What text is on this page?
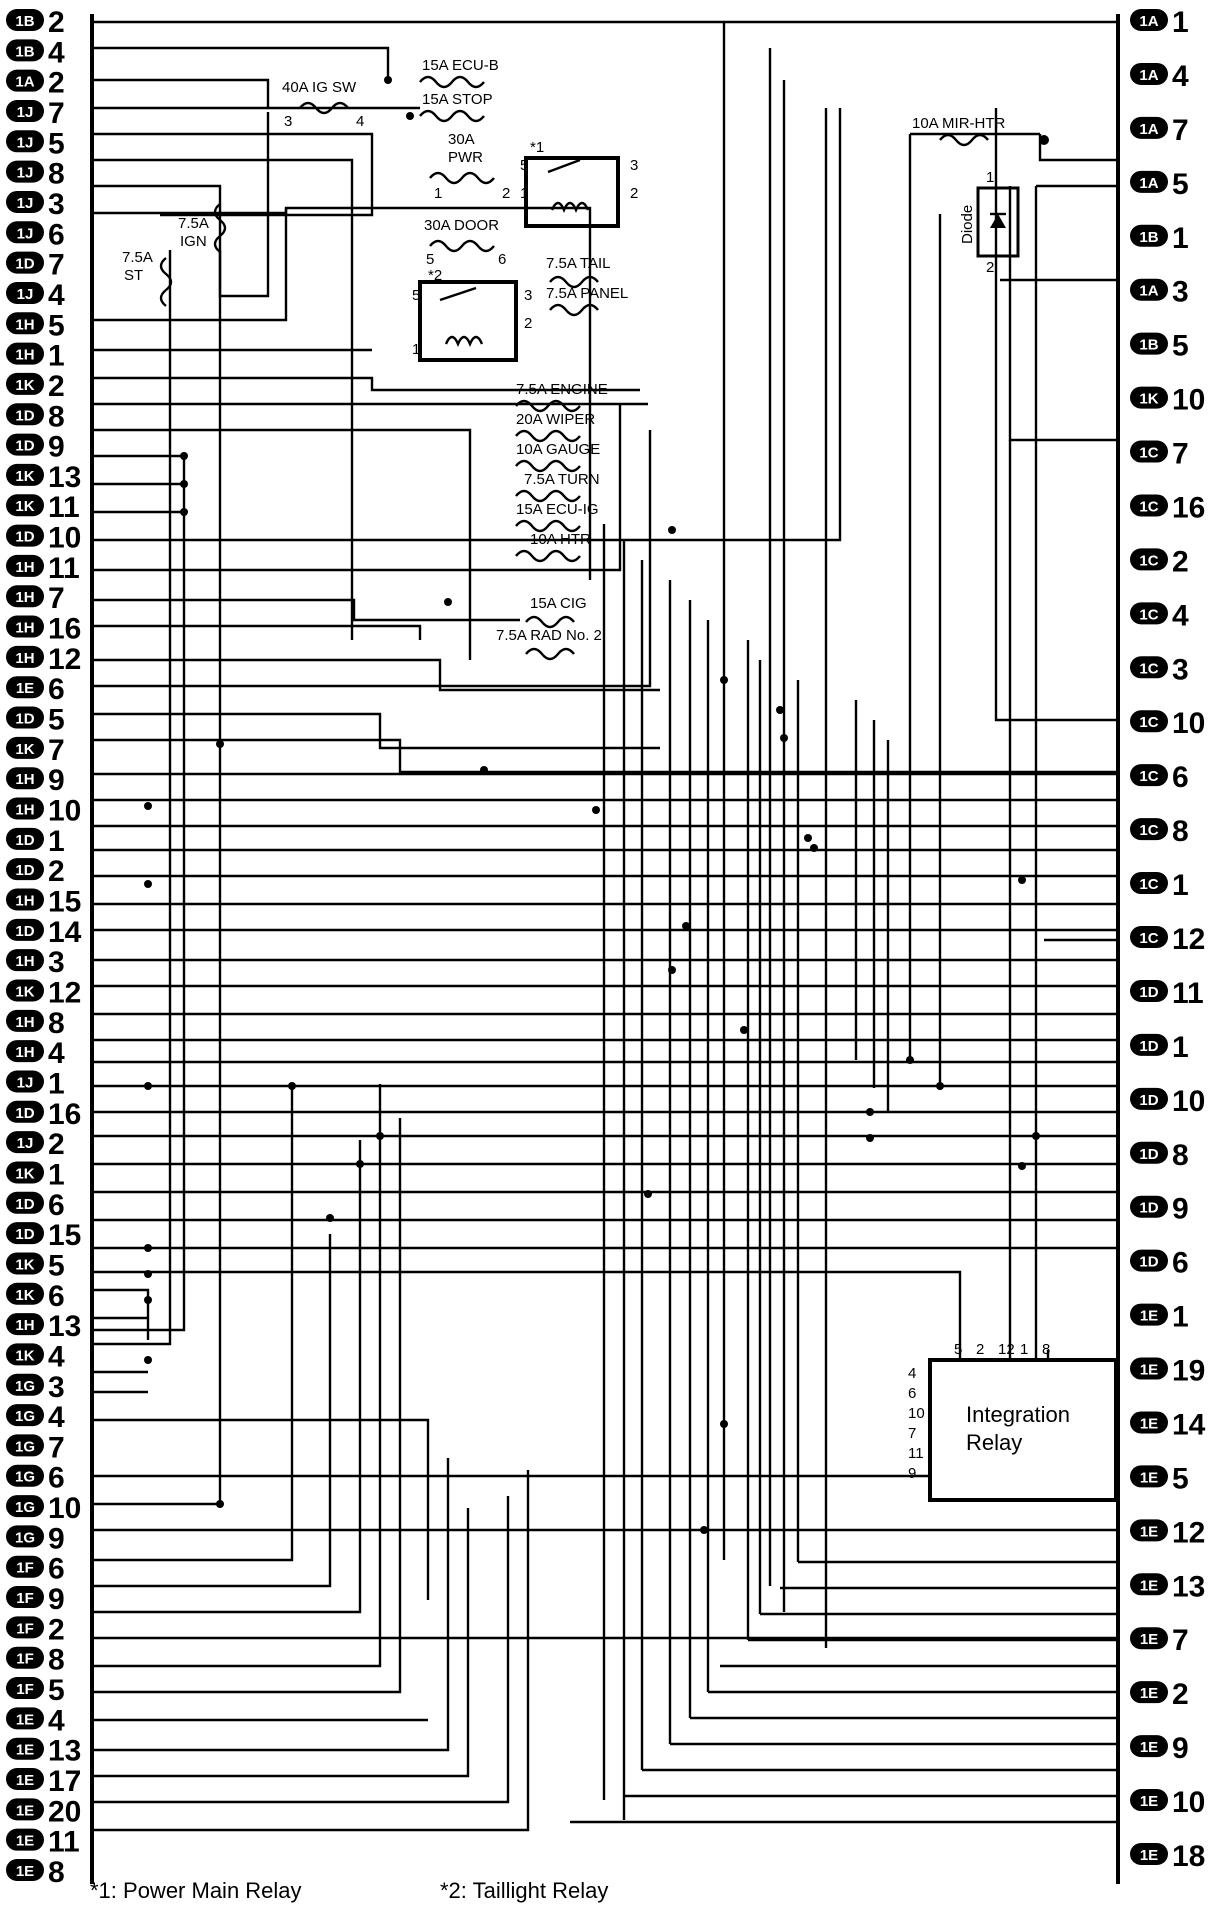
1B 2
1B 4
1A 2
1J 7
1J 5
1J 8
1J 3
1J 6
1D 7
1J 4
1H 5
1H 1
1K 2
1D 8
1D 9
1K 13
1K 11
1D 10
1H 11
1H 7
1H 16
1H 12
1E 6
1D 5
1K 7
1H 9
1H 10
1D 1
1D 2
1H 15
1D 14
1H 3
1K 12
1H 8
1H 4
1J 1
1D 16
1J 2
1K 1
1D 6
1D 15
1K 5
1K 6
1H 13
1K 4
1G 3
1G 4
1G 7
1G 6
1G 10
1G 9
1F 6
1F 9
1F 2
1F 8
1F 5
1E 4
1E 13
1E 17
1E 20
1E 11
1E 8
1A 1
1A 4
1A 7
1A 5
1B 1
1A 3
1B 5
1K 10
1C 7
1C 16
1C 2
1C 4
1C 3
1C 10
1C 6
1C 8
1C 1
1C 12
1D 11
1D 1
1D 10
1D 8
1D 9
1D 6
1E 1
1E 19
1E 14
1E 5
1E 12
1E 13
1E 7
1E 2
1E 9
1E 10
1E 18
40A IG SW
3	4
15A ECU-B
15A STOP
30A
PWR
1	2
*1
5	3
1	2
30A DOOR
5	6
*2
5	3
1
2
7.5A TAIL
7.5A PANEL
7.5A
IGN
7.5A
ST
10A MIR-HTR
Diode
1
2
7.5A ENGINE
20A WIPER
10A GAUGE
7.5A TURN
15A ECU-IG
10A HTR
15A CIG
7.5A RAD No. 2
Integration
Relay
5 2 12 1 8
4
6
10
7
11
9
*1: Power Main Relay	*2: Taillight Relay
